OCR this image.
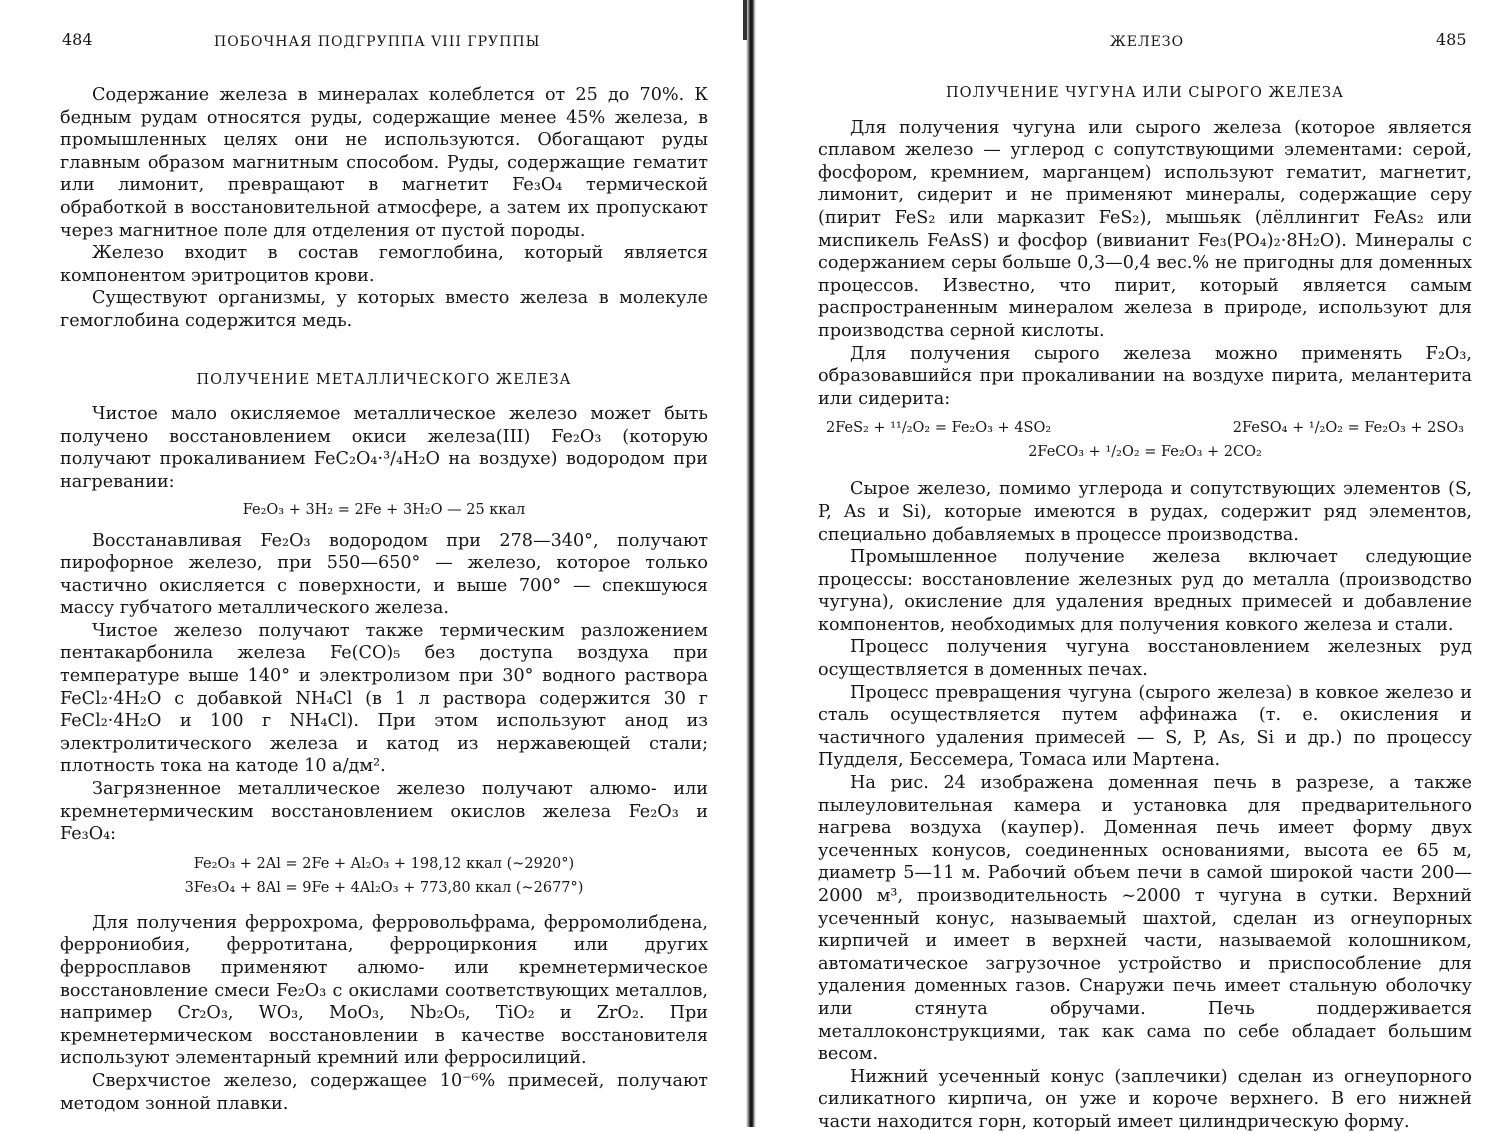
484	ПОБОЧНАЯ ПОДГРУППА VIII ГРУППЫ

Содержание железа в минералах колеблется от 25 до 70%. К бедным рудам относятся руды, содержащие менее 45% железа, в промышленных целях они не используются. Обогащают руды главным образом магнитным способом. Руды, содержащие гематит или лимонит, превращают в магнетит Fe₃O₄ термической обработкой в восстановительной атмосфере, а затем их пропускают через магнитное поле для отделения от пустой породы.

Железо входит в состав гемоглобина, который является компонентом эритроцитов крови.

Существуют организмы, у которых вместо железа в молекуле гемоглобина содержится медь.

ПОЛУЧЕНИЕ МЕТАЛЛИЧЕСКОГО ЖЕЛЕЗА

Чистое мало окисляемое металлическое железо может быть получено восстановлением окиси железа(III) Fe₂O₃ (которую получают прокаливанием FeC₂O₄·³/₄H₂O на воздухе) водородом при нагревании:

Fe₂O₃ + 3H₂ = 2Fe + 3H₂O — 25 ккал

Восстанавливая Fe₂O₃ водородом при 278—340°, получают пирофорное железо, при 550—650° — железо, которое только частично окисляется с поверхности, и выше 700° — спекшуюся массу губчатого металлического железа.

Чистое железо получают также термическим разложением пентакарбонила железа Fe(CO)₅ без доступа воздуха при температуре выше 140° и электролизом при 30° водного раствора FeCl₂·4H₂O с добавкой NH₄Cl (в 1 л раствора содержится 30 г FeCl₂·4H₂O и 100 г NH₄Cl). При этом используют анод из электролитического железа и катод из нержавеющей стали; плотность тока на катоде 10 а/дм².

Загрязненное металлическое железо получают алюмо- или кремнетермическим восстановлением окислов железа Fe₂O₃ и Fe₃O₄:

Fe₂O₃ + 2Al = 2Fe + Al₂O₃ + 198,12 ккал (~2920°)

3Fe₃O₄ + 8Al = 9Fe + 4Al₂O₃ + 773,80 ккал (~2677°)

Для получения феррохрома, ферровольфрама, ферромолибдена, феррониобия, ферротитана, ферроциркония или других ферросплавов применяют алюмо- или кремнетермическое восстановление смеси Fe₂O₃ с окислами соответствующих металлов, например Cr₂O₃, WO₃, MoO₃, Nb₂O₅, TiO₂ и ZrO₂. При кремнетермическом восстановлении в качестве восстановителя используют элементарный кремний или ферросилиций.

Сверхчистое железо, содержащее 10⁻⁶% примесей, получают методом зонной плавки.

ЖЕЛЕЗО	485

ПОЛУЧЕНИЕ ЧУГУНА ИЛИ СЫРОГО ЖЕЛЕЗА

Для получения чугуна или сырого железа (которое является сплавом железо — углерод с сопутствующими элементами: серой, фосфором, кремнием, марганцем) используют гематит, магнетит, лимонит, сидерит и не применяют минералы, содержащие серу (пирит FeS₂ или марказит FeS₂), мышьяк (лёллингит FeAs₂ или миспикель FeAsS) и фосфор (вивианит Fe₃(PO₄)₂·8H₂O). Минералы с содержанием серы больше 0,3—0,4 вес.% не пригодны для доменных процессов. Известно, что пирит, который является самым распространенным минералом железа в природе, используют для производства серной кислоты.

Для получения сырого железа можно применять F₂O₃, образовавшийся при прокаливании на воздухе пирита, мелантерита или сидерита:

2FeS₂ + ¹¹/₂O₂ = Fe₂O₃ + 4SO₂	2FeSO₄ + ¹/₂O₂ = Fe₂O₃ + 2SO₃

2FeCO₃ + ¹/₂O₂ = Fe₂O₃ + 2CO₂

Сырое железо, помимо углерода и сопутствующих элементов (S, P, As и Si), которые имеются в рудах, содержит ряд элементов, специально добавляемых в процессе производства.

Промышленное получение железа включает следующие процессы: восстановление железных руд до металла (производство чугуна), окисление для удаления вредных примесей и добавление компонентов, необходимых для получения ковкого железа и стали.

Процесс получения чугуна восстановлением железных руд осуществляется в доменных печах.

Процесс превращения чугуна (сырого железа) в ковкое железо и сталь осуществляется путем аффинажа (т. е. окисления и частичного удаления примесей — S, P, As, Si и др.) по процессу Пудделя, Бессемера, Томаса или Мартена.

На рис. 24 изображена доменная печь в разрезе, а также пылеуловительная камера и установка для предварительного нагрева воздуха (каупер). Доменная печь имеет форму двух усеченных конусов, соединенных основаниями, высота ее 65 м, диаметр 5—11 м. Рабочий объем печи в самой широкой части 200—2000 м³, производительность ~2000 т чугуна в сутки. Верхний усеченный конус, называемый шахтой, сделан из огнеупорных кирпичей и имеет в верхней части, называемой колошником, автоматическое загрузочное устройство и приспособление для удаления доменных газов. Снаружи печь имеет стальную оболочку или стянута обручами. Печь поддерживается металлоконструкциями, так как сама по себе обладает большим весом.

Нижний усеченный конус (заплечики) сделан из огнеупорного силикатного кирпича, он уже и короче верхнего. В его нижней части находится горн, который имеет цилиндрическую форму.
